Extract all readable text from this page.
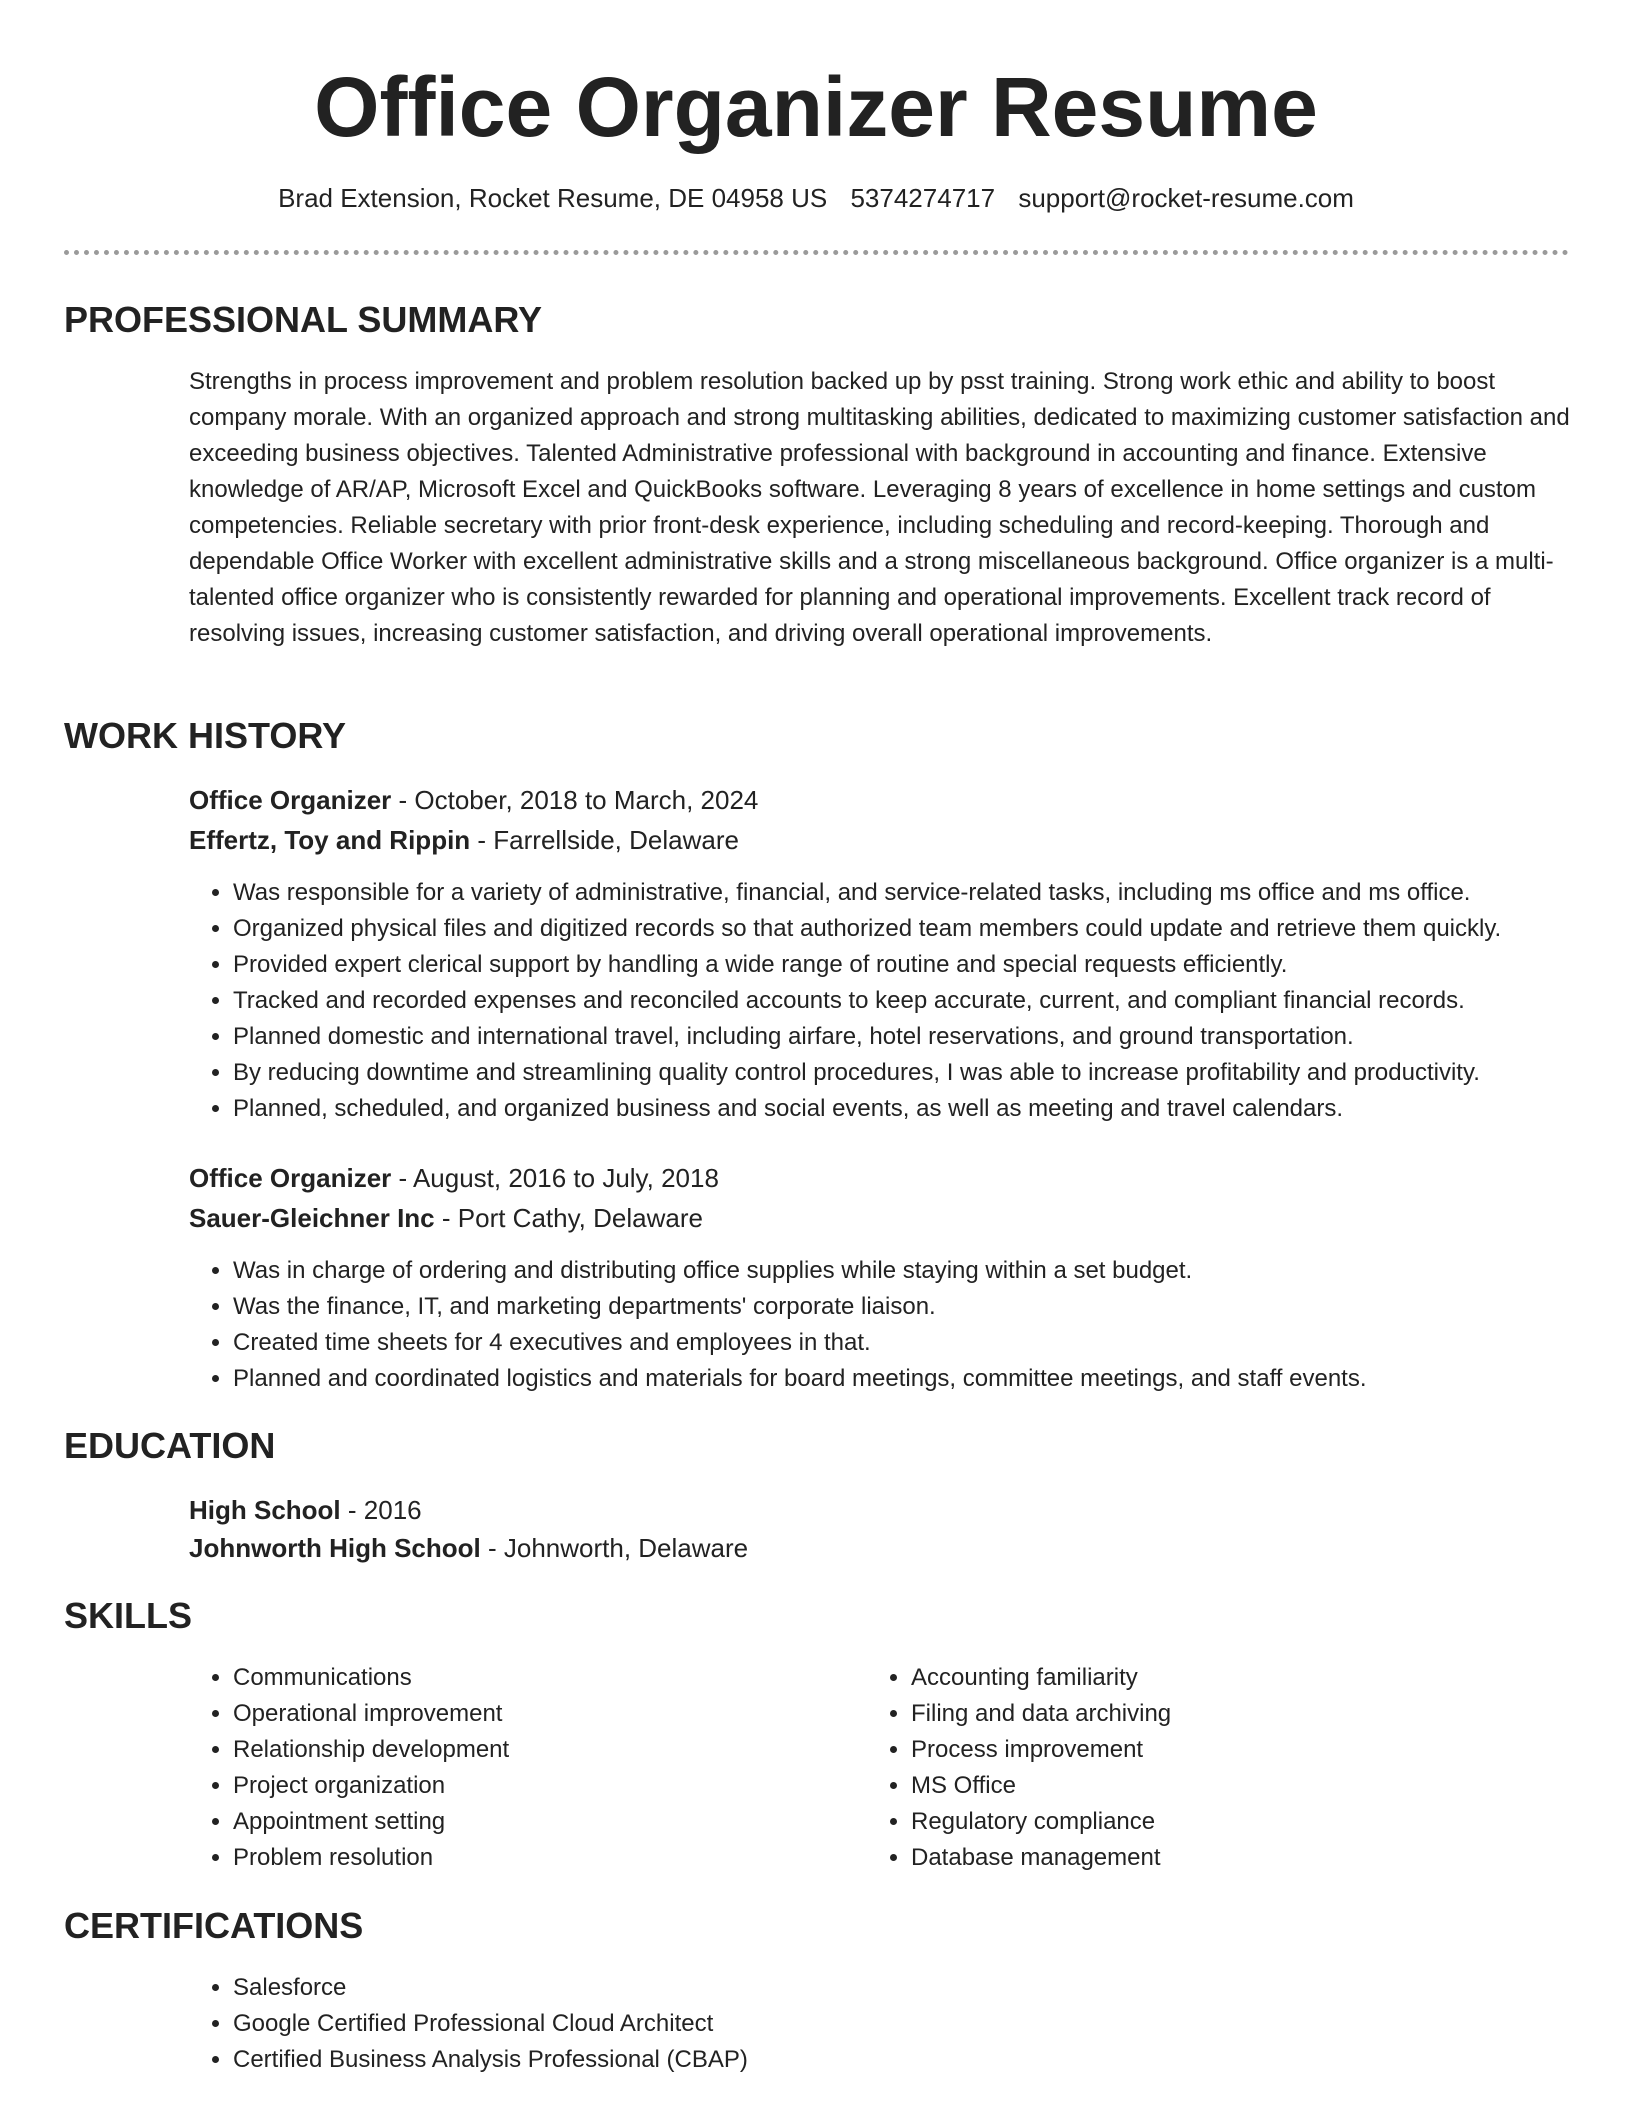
Office Organizer Resume
Brad Extension, Rocket Resume, DE 04958 US 5374274717 support@rocket-resume.com
PROFESSIONAL SUMMARY
Strengths in process improvement and problem resolution backed up by psst training. Strong work ethic and ability to boost company morale. With an organized approach and strong multitasking abilities, dedicated to maximizing customer satisfaction and exceeding business objectives. Talented Administrative professional with background in accounting and finance. Extensive knowledge of AR/AP, Microsoft Excel and QuickBooks software. Leveraging 8 years of excellence in home settings and custom competencies. Reliable secretary with prior front-desk experience, including scheduling and record-keeping. Thorough and dependable Office Worker with excellent administrative skills and a strong miscellaneous background. Office organizer is a multi-talented office organizer who is consistently rewarded for planning and operational improvements. Excellent track record of resolving issues, increasing customer satisfaction, and driving overall operational improvements.
WORK HISTORY
Office Organizer - October, 2018 to March, 2024
Effertz, Toy and Rippin - Farrellside, Delaware
• Was responsible for a variety of administrative, financial, and service-related tasks, including ms office and ms office.
• Organized physical files and digitized records so that authorized team members could update and retrieve them quickly.
• Provided expert clerical support by handling a wide range of routine and special requests efficiently.
• Tracked and recorded expenses and reconciled accounts to keep accurate, current, and compliant financial records.
• Planned domestic and international travel, including airfare, hotel reservations, and ground transportation.
• By reducing downtime and streamlining quality control procedures, I was able to increase profitability and productivity.
• Planned, scheduled, and organized business and social events, as well as meeting and travel calendars.
Office Organizer - August, 2016 to July, 2018
Sauer-Gleichner Inc - Port Cathy, Delaware
• Was in charge of ordering and distributing office supplies while staying within a set budget.
• Was the finance, IT, and marketing departments' corporate liaison.
• Created time sheets for 4 executives and employees in that.
• Planned and coordinated logistics and materials for board meetings, committee meetings, and staff events.
EDUCATION
High School - 2016
Johnworth High School - Johnworth, Delaware
SKILLS
• Communications
• Operational improvement
• Relationship development
• Project organization
• Appointment setting
• Problem resolution
• Accounting familiarity
• Filing and data archiving
• Process improvement
• MS Office
• Regulatory compliance
• Database management
CERTIFICATIONS
• Salesforce
• Google Certified Professional Cloud Architect
• Certified Business Analysis Professional (CBAP)
